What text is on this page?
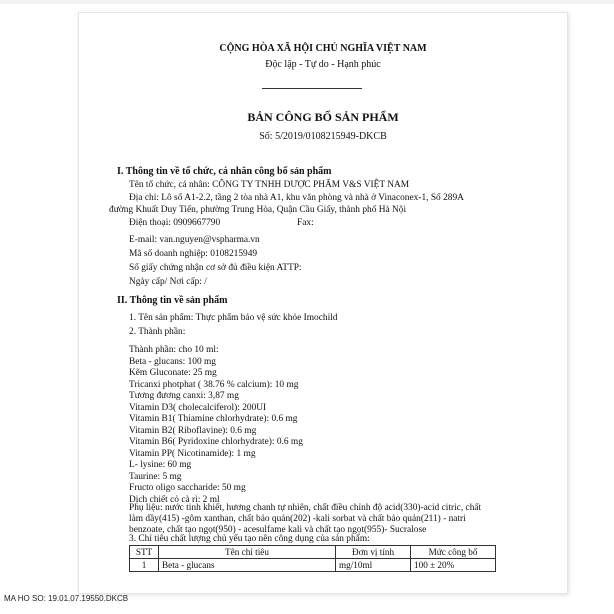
CỘNG HÒA XÃ HỘI CHỦ NGHĨA VIỆT NAM
Độc lập - Tự do - Hạnh phúc
BẢN CÔNG BỐ SẢN PHẨM
Số: 5/2019/0108215949-DKCB
I. Thông tin về tổ chức, cá nhân công bố sản phẩm
Tên tổ chức, cá nhân: CÔNG TY TNHH DƯỢC PHẨM V&S VIỆT NAM
Địa chỉ: Lô số A1-2.2, tầng 2 tòa nhà A1, khu văn phòng và nhà ở Vinaconex-1, Số 289A
đường Khuất Duy Tiến, phường Trung Hòa, Quận Cầu Giấy, thành phố Hà Nội
Điện thoại: 0909667790	Fax:
E-mail: van.nguyen@vspharma.vn
Mã số doanh nghiệp: 0108215949
Số giấy chứng nhận cơ sở đủ điều kiện ATTP:
Ngày cấp/ Nơi cấp: /
II. Thông tin về sản phẩm
1. Tên sản phẩm: Thực phẩm bảo vệ sức khỏe Imochild
2. Thành phần:
Thành phần: cho 10 ml:
Beta - glucans: 100 mg
Kẽm Gluconate: 25 mg
Tricanxi photphat ( 38.76 % calcium): 10 mg
Tương đương canxi: 3,87 mg
Vitamin D3( cholecalciferol): 200UI
Vitamin B1( Thiamine chlorhydrate): 0.6 mg
Vitamin B2( Riboflavine): 0.6 mg
Vitamin B6( Pyridoxine chlorhydrate): 0.6 mg
Vitamin PP( Nicotinamide): 1 mg
L- lysine: 60 mg
Taurine: 5 mg
Fructo oligo saccharide: 50 mg
Dịch chiết cỏ cà rì: 2 ml
Phụ liệu: nước tinh khiết, hương chanh tự nhiên, chất điều chỉnh độ acid(330)-acid citric, chất
làm dầy(415) -gôm xanthan, chất bảo quản(202) -kali sorbat và chất bảo quản(211) - natri
benzoate, chất tạo ngọt(950) - acesulfame kali và chất tạo ngọt(955)- Sucralose
3. Chỉ tiêu chất lượng chủ yếu tạo nên công dụng của sản phẩm:
STT	Tên chỉ tiêu	Đơn vị tính	Mức công bố
1	Beta - glucans	mg/10ml	100 ± 20%
MA HO SO: 19.01.07.19550.DKCB
